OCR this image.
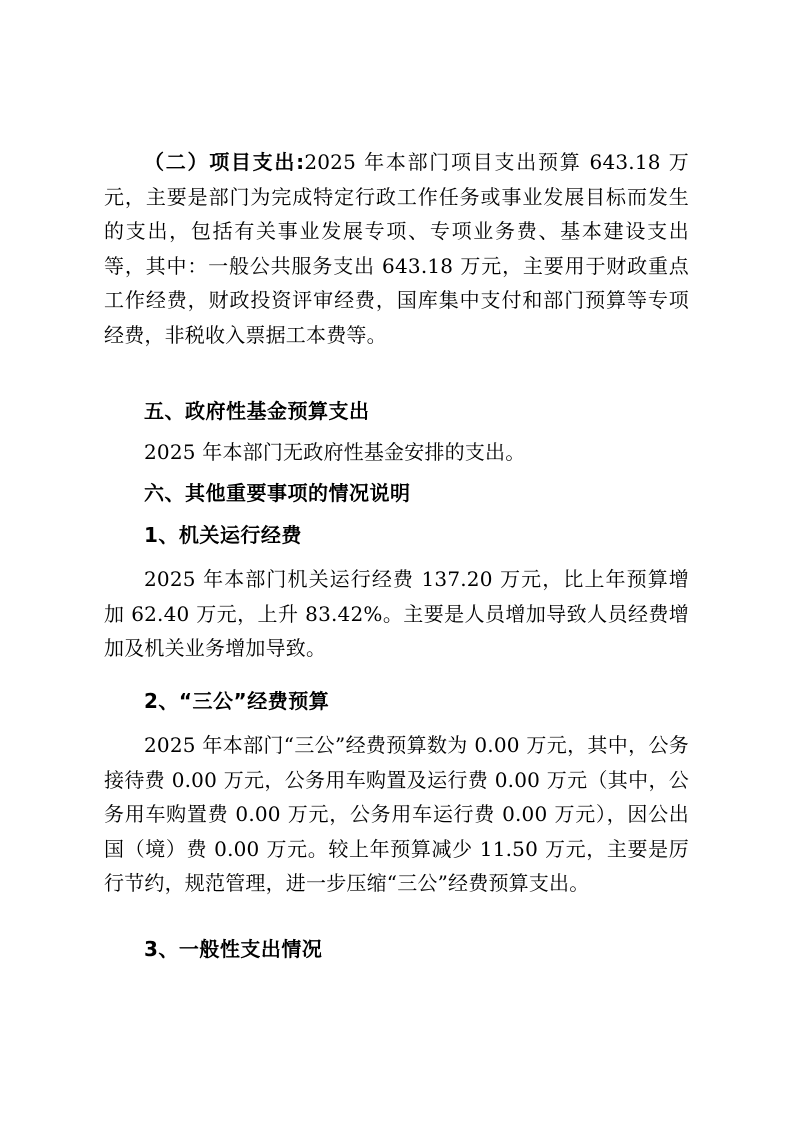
（二）项目支出:2025 年本部门项目支出预算 643.18 万元，主要是部门为完成特定行政工作任务或事业发展目标而发生的支出，包括有关事业发展专项、专项业务费、基本建设支出等，其中：一般公共服务支出 643.18 万元，主要用于财政重点工作经费，财政投资评审经费，国库集中支付和部门预算等专项经费，非税收入票据工本费等。

五、政府性基金预算支出

2025 年本部门无政府性基金安排的支出。

六、其他重要事项的情况说明
1、机关运行经费

2025 年本部门机关运行经费 137.20 万元，比上年预算增加 62.40 万元，上升 83.42%。主要是人员增加导致人员经费增加及机关业务增加导致。

2、“三公”经费预算

2025 年本部门“三公”经费预算数为 0.00 万元，其中，公务接待费 0.00 万元，公务用车购置及运行费 0.00 万元（其中，公务用车购置费 0.00 万元，公务用车运行费 0.00 万元），因公出国（境）费 0.00 万元。较上年预算减少 11.50 万元，主要是厉行节约，规范管理，进一步压缩“三公”经费预算支出。

3、一般性支出情况
